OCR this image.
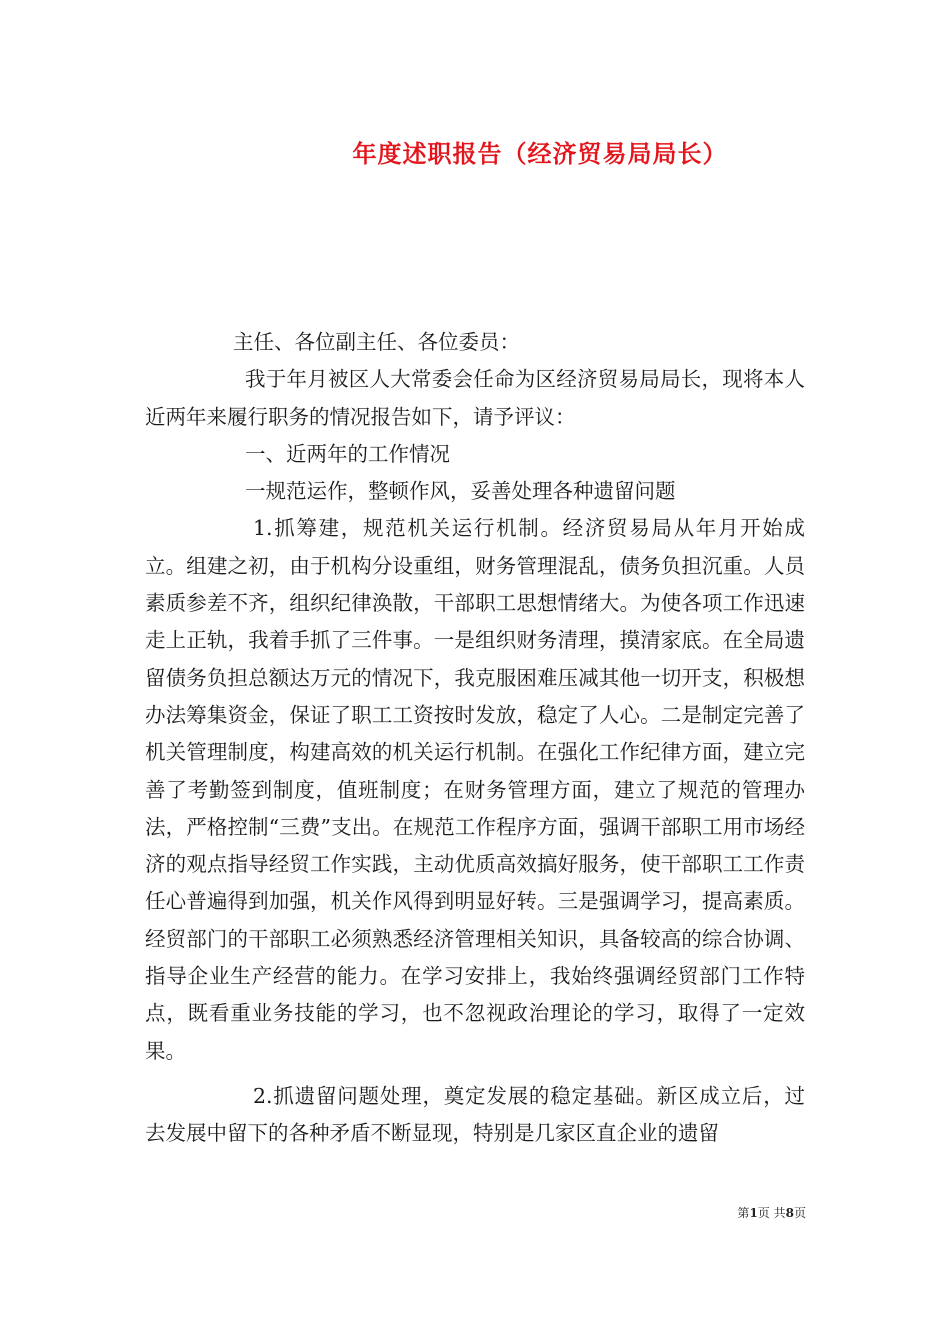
年度述职报告（经济贸易局局长）

主任、各位副主任、各位委员：

我于年月被区人大常委会任命为区经济贸易局局长，现将本人近两年来履行职务的情况报告如下，请予评议：

一、近两年的工作情况

一规范运作，整顿作风，妥善处理各种遗留问题

1.抓筹建，规范机关运行机制。经济贸易局从年月开始成立。组建之初，由于机构分设重组，财务管理混乱，债务负担沉重。人员素质参差不齐，组织纪律涣散，干部职工思想情绪大。为使各项工作迅速走上正轨，我着手抓了三件事。一是组织财务清理，摸清家底。在全局遗留债务负担总额达万元的情况下，我克服困难压减其他一切开支，积极想办法筹集资金，保证了职工工资按时发放，稳定了人心。二是制定完善了机关管理制度，构建高效的机关运行机制。在强化工作纪律方面，建立完善了考勤签到制度，值班制度；在财务管理方面，建立了规范的管理办法，严格控制“三费”支出。在规范工作程序方面，强调干部职工用市场经济的观点指导经贸工作实践，主动优质高效搞好服务，使干部职工工作责任心普遍得到加强，机关作风得到明显好转。三是强调学习，提高素质。经贸部门的干部职工必须熟悉经济管理相关知识，具备较高的综合协调、指导企业生产经营的能力。在学习安排上，我始终强调经贸部门工作特点，既看重业务技能的学习，也不忽视政治理论的学习，取得了一定效果。

2.抓遗留问题处理，奠定发展的稳定基础。新区成立后，过去发展中留下的各种矛盾不断显现，特别是几家区直企业的遗留

第1页 共8页
